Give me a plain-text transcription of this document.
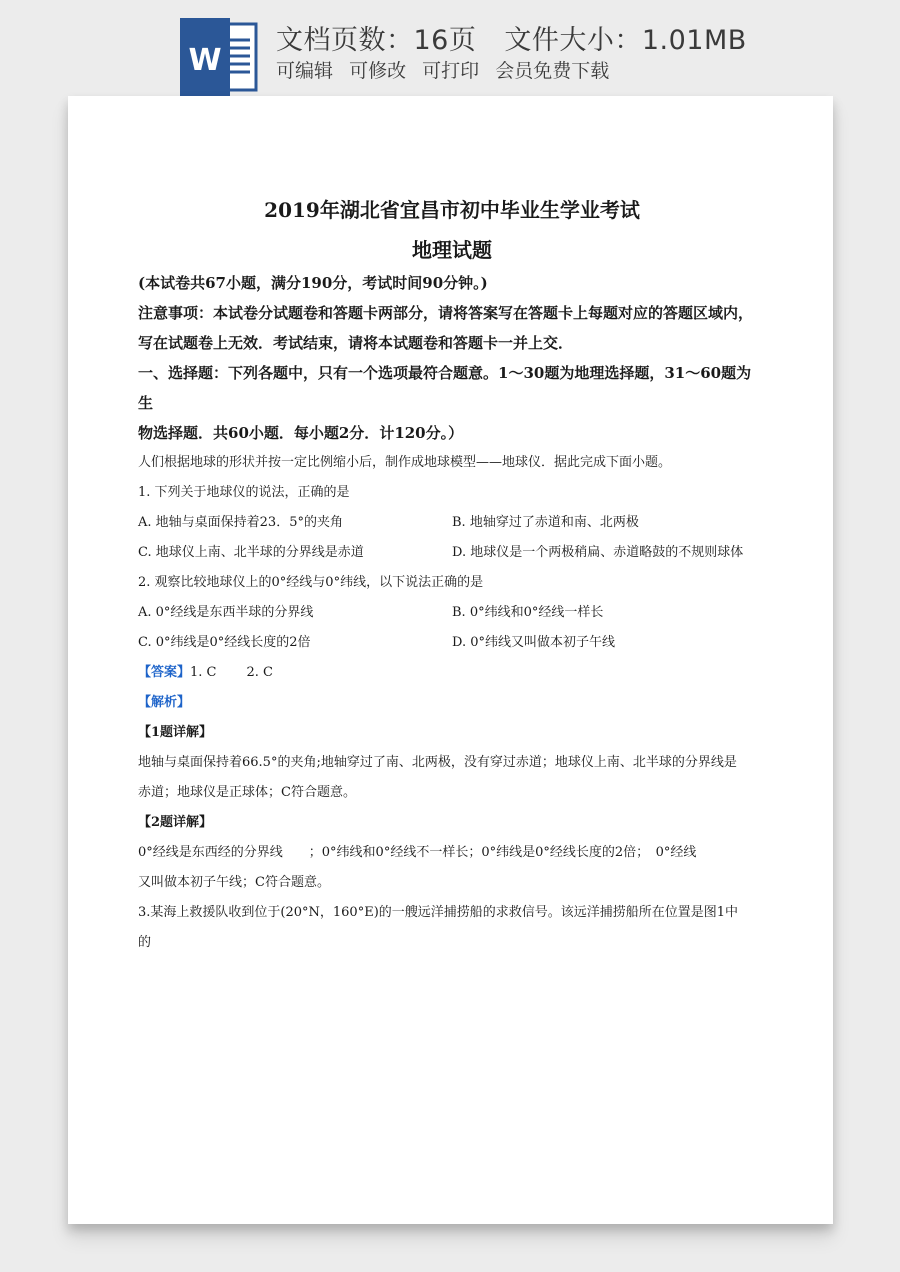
W
文档页数：16页 文件大小：1.01MB
可编辑 可修改 可打印 会员免费下载

2019年湖北省宜昌市初中毕业生学业考试

地理试题

(本试卷共67小题，满分190分，考试时间90分钟。)

注意事项：本试卷分试题卷和答题卡两部分，请将答案写在答题卡上每题对应的答题区域内，

写在试题卷上无效．考试结束，请将本试题卷和答题卡一并上交．

一、选择题：下列各题中，只有一个选项最符合题意。1～30题为地理选择题，31～60题为生

物选择题．共60小题．每小题2分．计120分。）

人们根据地球的形状并按一定比例缩小后，制作成地球模型——地球仪．据此完成下面小题。

1. 下列关于地球仪的说法，正确的是

A. 地轴与桌面保持着23．5°的夹角	B. 地轴穿过了赤道和南、北两极
C. 地球仪上南、北半球的分界线是赤道	D. 地球仪是一个两极稍扁、赤道略鼓的不规则球体

2. 观察比较地球仪上的0°经线与0°纬线，以下说法正确的是

A. 0°经线是东西半球的分界线	B. 0°纬线和0°经线一样长
C. 0°纬线是0°经线长度的2倍	D. 0°纬线又叫做本初子午线

【答案】1. C 2. C

【解析】

【1题详解】

地轴与桌面保持着66.5°的夹角;地轴穿过了南、北两极，没有穿过赤道；地球仪上南、北半球的分界线是

赤道；地球仪是正球体；C符合题意。

【2题详解】

0°经线是东西经的分界线　　；0°纬线和0°经线不一样长；0°纬线是0°经线长度的2倍；　0°经线

又叫做本初子午线；C符合题意。

3.某海上救援队收到位于(20°N，160°E)的一艘远洋捕捞船的求救信号。该远洋捕捞船所在位置是图1中

的
